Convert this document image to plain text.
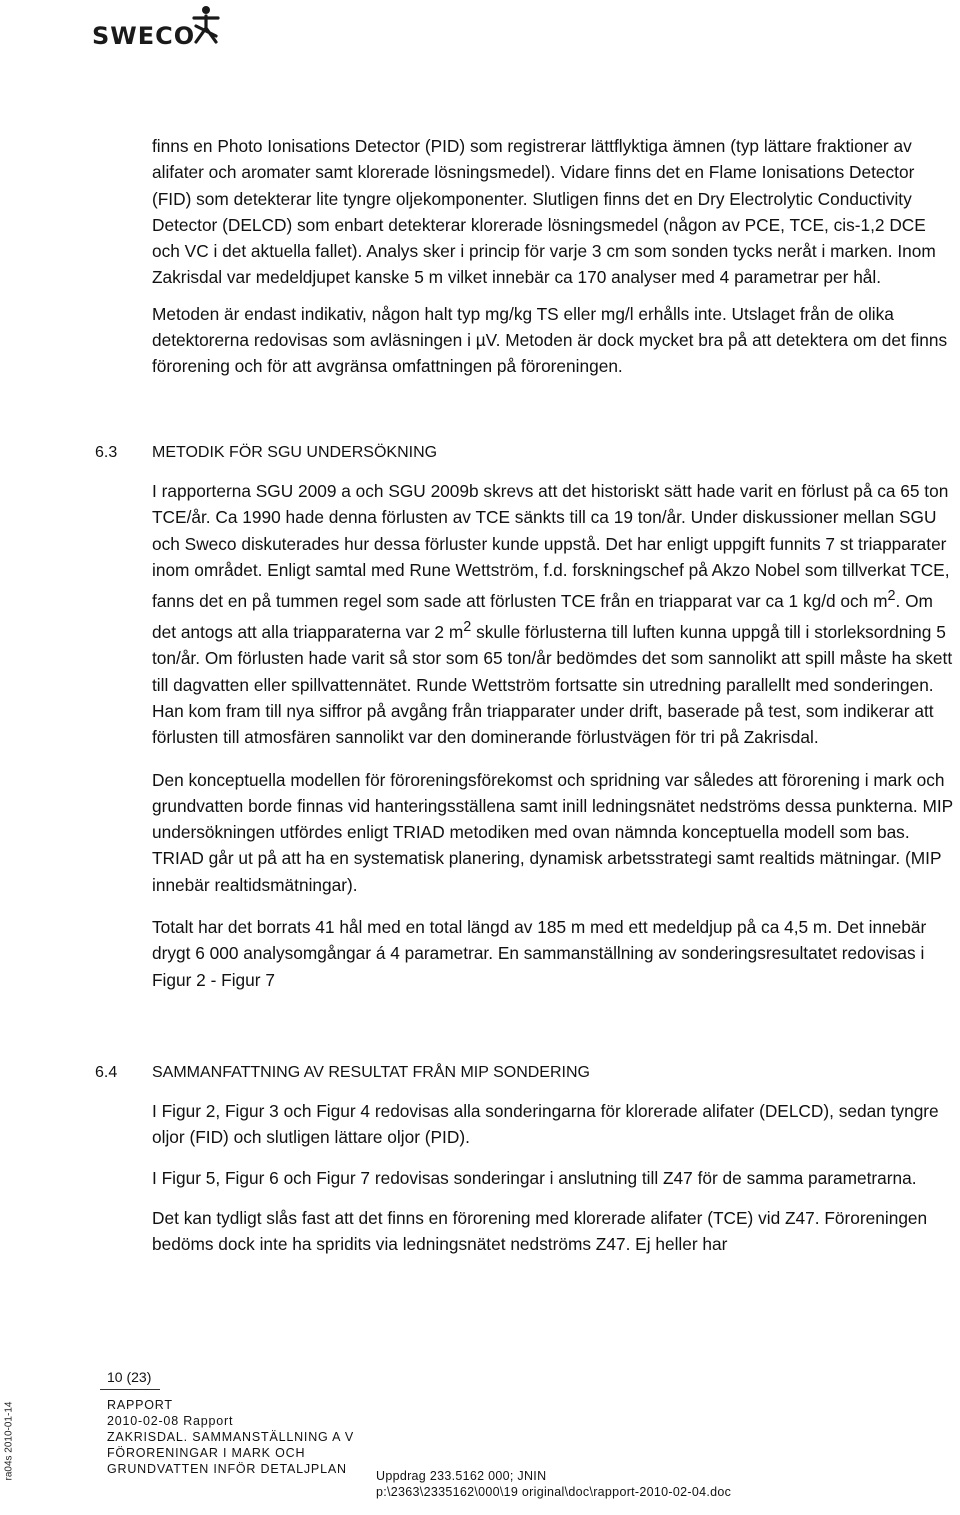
SWECO

finns en Photo Ionisations Detector (PID) som registrerar lättflyktiga ämnen (typ lättare fraktioner av alifater och aromater samt klorerade lösningsmedel). Vidare finns det en Flame Ionisations Detector (FID) som detekterar lite tyngre oljekomponenter. Slutligen finns det en Dry Electrolytic Conductivity Detector (DELCD) som enbart detekterar klorerade lösningsmedel (någon av PCE, TCE, cis-1,2 DCE och VC i det aktuella fallet). Analys sker i princip för varje 3 cm som sonden tycks neråt i marken. Inom Zakrisdal var medeldjupet kanske 5 m vilket innebär ca 170 analyser med 4 parametrar per hål.

Metoden är endast indikativ, någon halt typ mg/kg TS eller mg/l erhålls inte. Utslaget från de olika detektorerna redovisas som avläsningen i µV. Metoden är dock mycket bra på att detektera om det finns förorening och för att avgränsa omfattningen på föroreningen.

6.3 METODIK FÖR SGU UNDERSÖKNING

I rapporterna SGU 2009 a och SGU 2009b skrevs att det historiskt sätt hade varit en förlust på ca 65 ton TCE/år. Ca 1990 hade denna förlusten av TCE sänkts till ca 19 ton/år. Under diskussioner mellan SGU och Sweco diskuterades hur dessa förluster kunde uppstå. Det har enligt uppgift funnits 7 st triapparater inom området. Enligt samtal med Rune Wettström, f.d. forskningschef på Akzo Nobel som tillverkat TCE, fanns det en på tummen regel som sade att förlusten TCE från en triapparat var ca 1 kg/d och $m^2$. Om det antogs att alla triapparaterna var 2 $m^2$ skulle förlusterna till luften kunna uppgå till i storleksordning 5 ton/år. Om förlusten hade varit så stor som 65 ton/år bedömdes det som sannolikt att spill måste ha skett till dagvatten eller spillvattennätet. Runde Wettström fortsatte sin utredning parallellt med sonderingen. Han kom fram till nya siffror på avgång från triapparater under drift, baserade på test, som indikerar att förlusten till atmosfären sannolikt var den dominerande förlustvägen för tri på Zakrisdal.

Den konceptuella modellen för föroreningsförekomst och spridning var således att förorening i mark och grundvatten borde finnas vid hanteringsställena samt inill ledningsnätet nedströms dessa punkterna. MIP undersökningen utfördes enligt TRIAD metodiken med ovan nämnda konceptuella modell som bas. TRIAD går ut på att ha en systematisk planering, dynamisk arbetsstrategi samt realtids mätningar. (MIP innebär realtidsmätningar).

Totalt har det borrats 41 hål med en total längd av 185 m med ett medeldjup på ca 4,5 m. Det innebär drygt 6 000 analysomgångar á 4 parametrar. En sammanställning av sonderingsresultatet redovisas i Figur 2 - Figur 7

6.4 SAMMANFATTNING AV RESULTAT FRÅN MIP SONDERING

I Figur 2, Figur 3 och Figur 4 redovisas alla sonderingarna för klorerade alifater (DELCD), sedan tyngre oljor (FID) och slutligen lättare oljor (PID).

I Figur 5, Figur 6 och Figur 7 redovisas sonderingar i anslutning till Z47 för de samma parametrarna.

Det kan tydligt slås fast att det finns en förorening med klorerade alifater (TCE) vid Z47. Föroreningen bedöms dock inte ha spridits via ledningsnätet nedströms Z47. Ej heller har

ra04s 2010-01-14
10 (23)
RAPPORT
2010-02-08 Rapport
ZAKRISDAL. SAMMANSTÄLLNING A V
FÖRORENINGAR I MARK OCH
GRUNDVATTEN INFÖR DETALJPLAN	Uppdrag 233.5162 000; JNIN
p:\2363\2335162\000\19 original\doc\rapport-2010-02-04.doc
